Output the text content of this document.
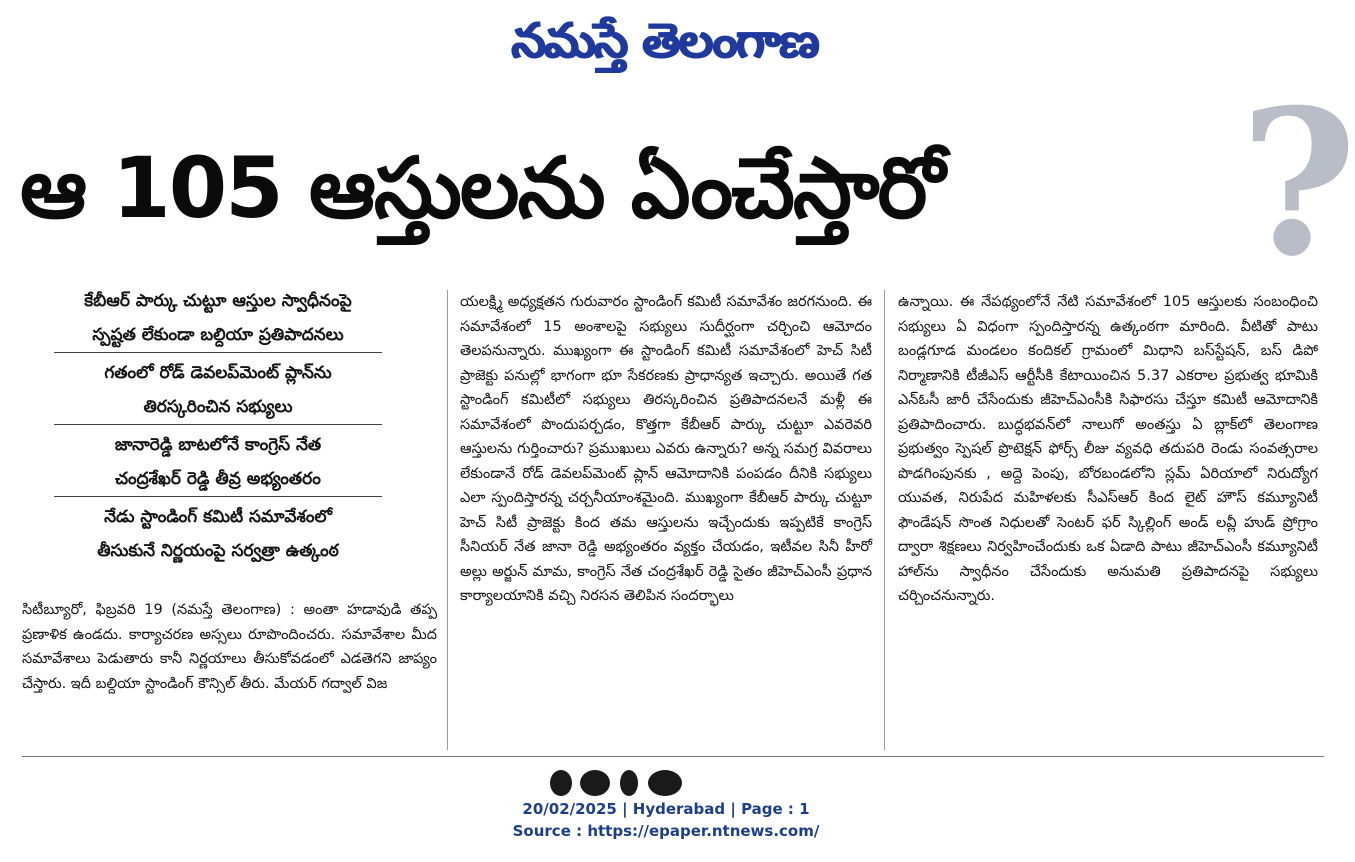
నమస్తే తెలంగాణ
ఆ 105 ఆస్తులను ఏంచేస్తారో ?
కేబీఆర్ పార్కు చుట్టూ ఆస్తుల స్వాధీనంపై
స్పష్టత లేకుండా బల్దియా ప్రతిపాదనలు
గతంలో రోడ్ డెవలప్‌మెంట్ ప్లాన్‌ను
తిరస్కరించిన సభ్యులు
జానారెడ్డి బాటలోనే కాంగ్రెస్ నేత
చంద్రశేఖర్ రెడ్డి తీవ్ర అభ్యంతరం
నేడు స్టాండింగ్ కమిటీ సమావేశంలో
తీసుకునే నిర్ణయంపై సర్వత్రా ఉత్కంఠ
సిటీబ్యూరో, ఫిబ్రవరి 19 (నమస్తే తెలంగాణ) : అంతా హడావుడి తప్ప ప్రణాళిక ఉండదు. కార్యాచరణ అస్సలు రూపొందించరు. సమావేశాల మీద సమావేశాలు పెడుతారు కానీ నిర్ణయాలు తీసుకోవడంలో ఎడతెగని జాప్యం చేస్తారు. ఇదీ బల్దియా స్టాండింగ్ కౌన్సిల్ తీరు. మేయర్ గద్వాల్ విజ
యలక్ష్మి అధ్యక్షతన గురువారం స్టాండింగ్ కమిటీ సమావేశం జరగనుంది. ఈ సమావేశంలో 15 అంశాలపై సభ్యులు సుదీర్ఘంగా చర్చించి ఆమోదం తెలపనున్నారు. ముఖ్యంగా ఈ స్టాండింగ్ కమిటీ సమావేశంలో హెచ్ సిటీ ప్రాజెక్టు పనుల్లో భాగంగా భూ సేకరణకు ప్రాధాన్యత ఇచ్చారు. అయితే గత స్టాండింగ్ కమిటీలో సభ్యులు తిరస్కరించిన ప్రతిపాదనలనే మళ్లీ ఈ సమావేశంలో పొందుపర్చడం, కొత్తగా కేబీఆర్ పార్కు చుట్టూ ఎవరెవరి ఆస్తులను గుర్తించారు? ప్రముఖులు ఎవరు ఉన్నారు? అన్న సమగ్ర వివరాలు లేకుండానే రోడ్ డెవలప్‌మెంట్ ప్లాన్ ఆమోదానికి పంపడం దీనికి సభ్యులు ఎలా స్పందిస్తారన్న చర్చనీయాంశమైంది. ముఖ్యంగా కేబీఆర్ పార్కు చుట్టూ హెచ్ సిటీ ప్రాజెక్టు కింద తమ ఆస్తులను ఇచ్చేందుకు ఇప్పటికే కాంగ్రెస్ సీనియర్ నేత జానా రెడ్డి అభ్యంతరం వ్యక్తం చేయడం, ఇటీవల సినీ హీరో అల్లు అర్జున్ మామ, కాంగ్రెస్ నేత చంద్రశేఖర్ రెడ్డి సైతం జీహెచ్ఎంసీ ప్రధాన కార్యాలయానికి వచ్చి నిరసన తెలిపిన సందర్భాలు
ఉన్నాయి. ఈ నేపథ్యంలోనే నేటి సమావేశంలో 105 ఆస్తులకు సంబంధించి సభ్యులు ఏ విధంగా స్పందిస్తారన్న ఉత్కంఠగా మారింది. వీటితో పాటు బండ్లగూడ మండలం కందికల్ గ్రామంలో మిధాని బస్‌స్టేషన్, బస్ డిపో నిర్మాణానికి టీజీఎస్ ఆర్టీసీకి కేటాయించిన 5.37 ఎకరాల ప్రభుత్వ భూమికి ఎన్ఓసీ జారీ చేసేందుకు జీహెచ్ఎంసీకి సిఫారసు చేస్తూ కమిటీ ఆమోదానికి ప్రతిపాదించారు. బుద్ధభవన్‌లో నాలుగో అంతస్తు ఏ బ్లాక్‌లో తెలంగాణ ప్రభుత్వం స్పెషల్ ప్రొటెక్షన్ ఫోర్స్ లీజు వ్యవధి తదుపరి రెండు సంవత్సరాల పొడగింపునకు , అద్దె పెంపు, బోరబండలోని స్లమ్ ఏరియాలో నిరుద్యోగ యువత, నిరుపేద మహిళలకు సీఎస్ఆర్ కింద లైట్ హౌస్ కమ్యూనిటీ ఫౌండేషన్ సొంత నిధులతో సెంటర్ ఫర్ స్కిల్లింగ్ అండ్ లవ్లీ హుడ్ ప్రోగ్రాం ద్వారా శిక్షణలు నిర్వహించేందుకు ఒక ఏడాది పాటు జీహెచ్ఎంసీ కమ్యూనిటీ హాల్‌ను స్వాధీనం చేసేందుకు అనుమతి ప్రతిపాదనపై సభ్యులు చర్చించనున్నారు.
20/02/2025 | Hyderabad | Page : 1
Source : https://epaper.ntnews.com/
